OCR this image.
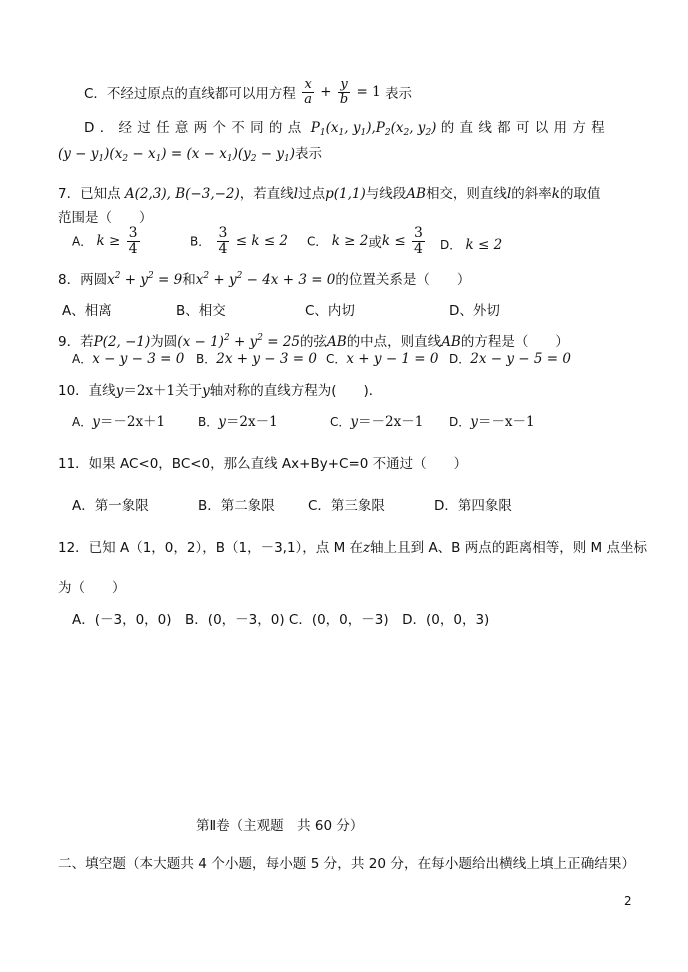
C．不经过原点的直线都可以用方程 $\frac{x}{a} + \frac{y}{b} = 1$ 表示
D．经过任意两个不同的点 $P_1(x_1$, $y_1),P_2(x_2$, $y_2$) 的直线都可以用方程
$(y - y_1)(x_2 - x_1) = (x - x_1)(y_2 - y_1)$表示
7．已知点 A(2,3), B(−3,−2)，若直线l过点p(1,1)与线段AB相交，则直线l的斜率k的取值
范围是（　　）
A． $k \ge \frac{3}{4}$	B． $\frac{3}{4} \le k \le 2$ C． k ≥ 2或$k \le \frac{3}{4}$ D． k ≤ 2
8．两圆$x^2 + y^2 = 9$和$x^2 + y^2 - 4x + 3 = 0$的位置关系是（　　）
A、相离	B、相交	C、内切	D、外切
9．若P(2, −1)为圆$(x - 1)^2 + y^2 = 25$的弦AB的中点，则直线AB的方程是（　　）
A．x − y − 3 = 0 B．2x + y − 3 = 0 C．x + y − 1 = 0 D．2x − y − 5 = 0
10．直线y＝2x＋1关于y轴对称的直线方程为(　　)．
A．y＝－2x＋1	B．y＝2x－1	C．y＝－2x－1 D．y＝－x－1
11．如果 AC<0，BC<0，那么直线 Ax+By+C=0 不通过（　　）
A．第一象限	B．第二象限 C．第三象限	D．第四象限
12．已知 A（1，0，2），B（1，－3,1），点 M 在z轴上且到 A、B 两点的距离相等，则 M 点坐标
为（　　）
A．(－3，0，0)　B．(0，－3，0) C．(0，0，－3)　D．(0，0，3)
第Ⅱ卷（主观题　共 60 分）
二、填空题（本大题共 4 个小题，每小题 5 分，共 20 分，在每小题给出横线上填上正确结果）
2
